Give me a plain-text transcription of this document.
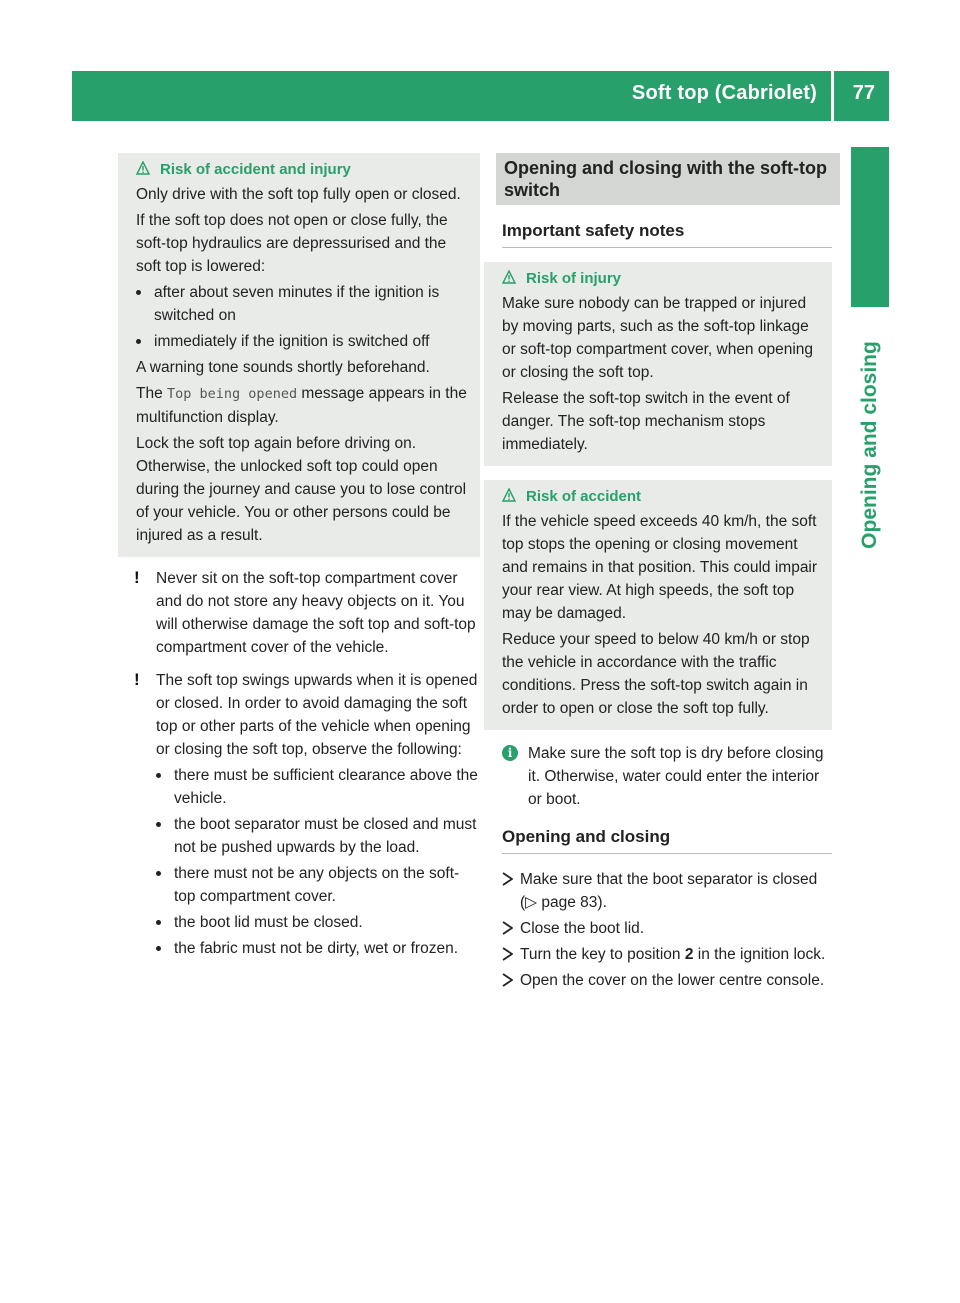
Soft top (Cabriolet) 77
Opening and closing
Risk of accident and injury

Only drive with the soft top fully open or closed.

If the soft top does not open or close fully, the soft-top hydraulics are depressurised and the soft top is lowered:

after about seven minutes if the ignition is switched on
immediately if the ignition is switched off

A warning tone sounds shortly beforehand.

The Top being opened message appears in the multifunction display.

Lock the soft top again before driving on. Otherwise, the unlocked soft top could open during the journey and cause you to lose control of your vehicle. You or other persons could be injured as a result.

! Never sit on the soft-top compartment cover and do not store any heavy objects on it. You will otherwise damage the soft top and soft-top compartment cover of the vehicle.
! The soft top swings upwards when it is opened or closed. In order to avoid damaging the soft top or other parts of the vehicle when opening or closing the soft top, observe the following:
there must be sufficient clearance above the vehicle.
the boot separator must be closed and must not be pushed upwards by the load.
there must not be any objects on the soft-top compartment cover.
the boot lid must be closed.
the fabric must not be dirty, wet or frozen.
Opening and closing with the soft-top switch
Important safety notes
Risk of injury

Make sure nobody can be trapped or injured by moving parts, such as the soft-top linkage or soft-top compartment cover, when opening or closing the soft top.

Release the soft-top switch in the event of danger. The soft-top mechanism stops immediately.

Risk of accident

If the vehicle speed exceeds 40 km/h, the soft top stops the opening or closing movement and remains in that position. This could impair your rear view. At high speeds, the soft top may be damaged.

Reduce your speed to below 40 km/h or stop the vehicle in accordance with the traffic conditions. Press the soft-top switch again in order to open or close the soft top fully.

i	Make sure the soft top is dry before closing it. Otherwise, water could enter the interior or boot.
Opening and closing
Make sure that the boot separator is closed (▷ page 83).
Close the boot lid.
Turn the key to position 2 in the ignition lock.
Open the cover on the lower centre console.
